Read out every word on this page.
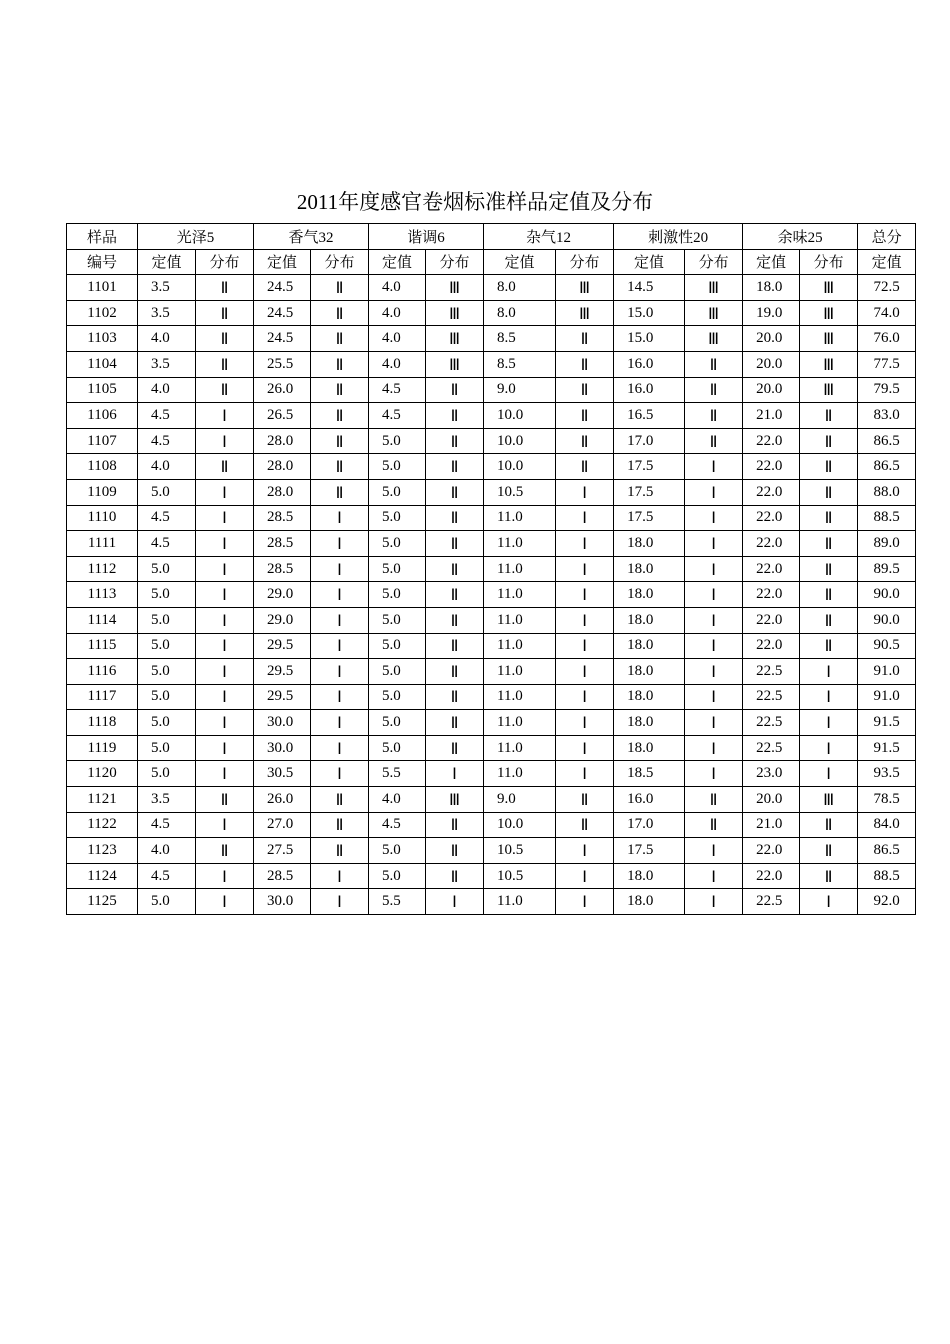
2011年度感官卷烟标准样品定值及分布
样品	光泽5		香气32		谐调6		杂气12		刺激性20		余味25		总分
编号	定值	分布	定值	分布	定值	分布	定值	分布	定值	分布	定值	分布	定值
1101	3.5	Ⅱ	24.5	Ⅱ	4.0	Ⅲ	8.0	Ⅲ	14.5	Ⅲ	18.0	Ⅲ	72.5
1102	3.5	Ⅱ	24.5	Ⅱ	4.0	Ⅲ	8.0	Ⅲ	15.0	Ⅲ	19.0	Ⅲ	74.0
1103	4.0	Ⅱ	24.5	Ⅱ	4.0	Ⅲ	8.5	Ⅱ	15.0	Ⅲ	20.0	Ⅲ	76.0
1104	3.5	Ⅱ	25.5	Ⅱ	4.0	Ⅲ	8.5	Ⅱ	16.0	Ⅱ	20.0	Ⅲ	77.5
1105	4.0	Ⅱ	26.0	Ⅱ	4.5	Ⅱ	9.0	Ⅱ	16.0	Ⅱ	20.0	Ⅲ	79.5
1106	4.5	Ⅰ	26.5	Ⅱ	4.5	Ⅱ	10.0	Ⅱ	16.5	Ⅱ	21.0	Ⅱ	83.0
1107	4.5	Ⅰ	28.0	Ⅱ	5.0	Ⅱ	10.0	Ⅱ	17.0	Ⅱ	22.0	Ⅱ	86.5
1108	4.0	Ⅱ	28.0	Ⅱ	5.0	Ⅱ	10.0	Ⅱ	17.5	Ⅰ	22.0	Ⅱ	86.5
1109	5.0	Ⅰ	28.0	Ⅱ	5.0	Ⅱ	10.5	Ⅰ	17.5	Ⅰ	22.0	Ⅱ	88.0
1110	4.5	Ⅰ	28.5	Ⅰ	5.0	Ⅱ	11.0	Ⅰ	17.5	Ⅰ	22.0	Ⅱ	88.5
1111	4.5	Ⅰ	28.5	Ⅰ	5.0	Ⅱ	11.0	Ⅰ	18.0	Ⅰ	22.0	Ⅱ	89.0
1112	5.0	Ⅰ	28.5	Ⅰ	5.0	Ⅱ	11.0	Ⅰ	18.0	Ⅰ	22.0	Ⅱ	89.5
1113	5.0	Ⅰ	29.0	Ⅰ	5.0	Ⅱ	11.0	Ⅰ	18.0	Ⅰ	22.0	Ⅱ	90.0
1114	5.0	Ⅰ	29.0	Ⅰ	5.0	Ⅱ	11.0	Ⅰ	18.0	Ⅰ	22.0	Ⅱ	90.0
1115	5.0	Ⅰ	29.5	Ⅰ	5.0	Ⅱ	11.0	Ⅰ	18.0	Ⅰ	22.0	Ⅱ	90.5
1116	5.0	Ⅰ	29.5	Ⅰ	5.0	Ⅱ	11.0	Ⅰ	18.0	Ⅰ	22.5	Ⅰ	91.0
1117	5.0	Ⅰ	29.5	Ⅰ	5.0	Ⅱ	11.0	Ⅰ	18.0	Ⅰ	22.5	Ⅰ	91.0
1118	5.0	Ⅰ	30.0	Ⅰ	5.0	Ⅱ	11.0	Ⅰ	18.0	Ⅰ	22.5	Ⅰ	91.5
1119	5.0	Ⅰ	30.0	Ⅰ	5.0	Ⅱ	11.0	Ⅰ	18.0	Ⅰ	22.5	Ⅰ	91.5
1120	5.0	Ⅰ	30.5	Ⅰ	5.5	Ⅰ	11.0	Ⅰ	18.5	Ⅰ	23.0	Ⅰ	93.5
1121	3.5	Ⅱ	26.0	Ⅱ	4.0	Ⅲ	9.0	Ⅱ	16.0	Ⅱ	20.0	Ⅲ	78.5
1122	4.5	Ⅰ	27.0	Ⅱ	4.5	Ⅱ	10.0	Ⅱ	17.0	Ⅱ	21.0	Ⅱ	84.0
1123	4.0	Ⅱ	27.5	Ⅱ	5.0	Ⅱ	10.5	Ⅰ	17.5	Ⅰ	22.0	Ⅱ	86.5
1124	4.5	Ⅰ	28.5	Ⅰ	5.0	Ⅱ	10.5	Ⅰ	18.0	Ⅰ	22.0	Ⅱ	88.5
1125	5.0	Ⅰ	30.0	Ⅰ	5.5	Ⅰ	11.0	Ⅰ	18.0	Ⅰ	22.5	Ⅰ	92.0
